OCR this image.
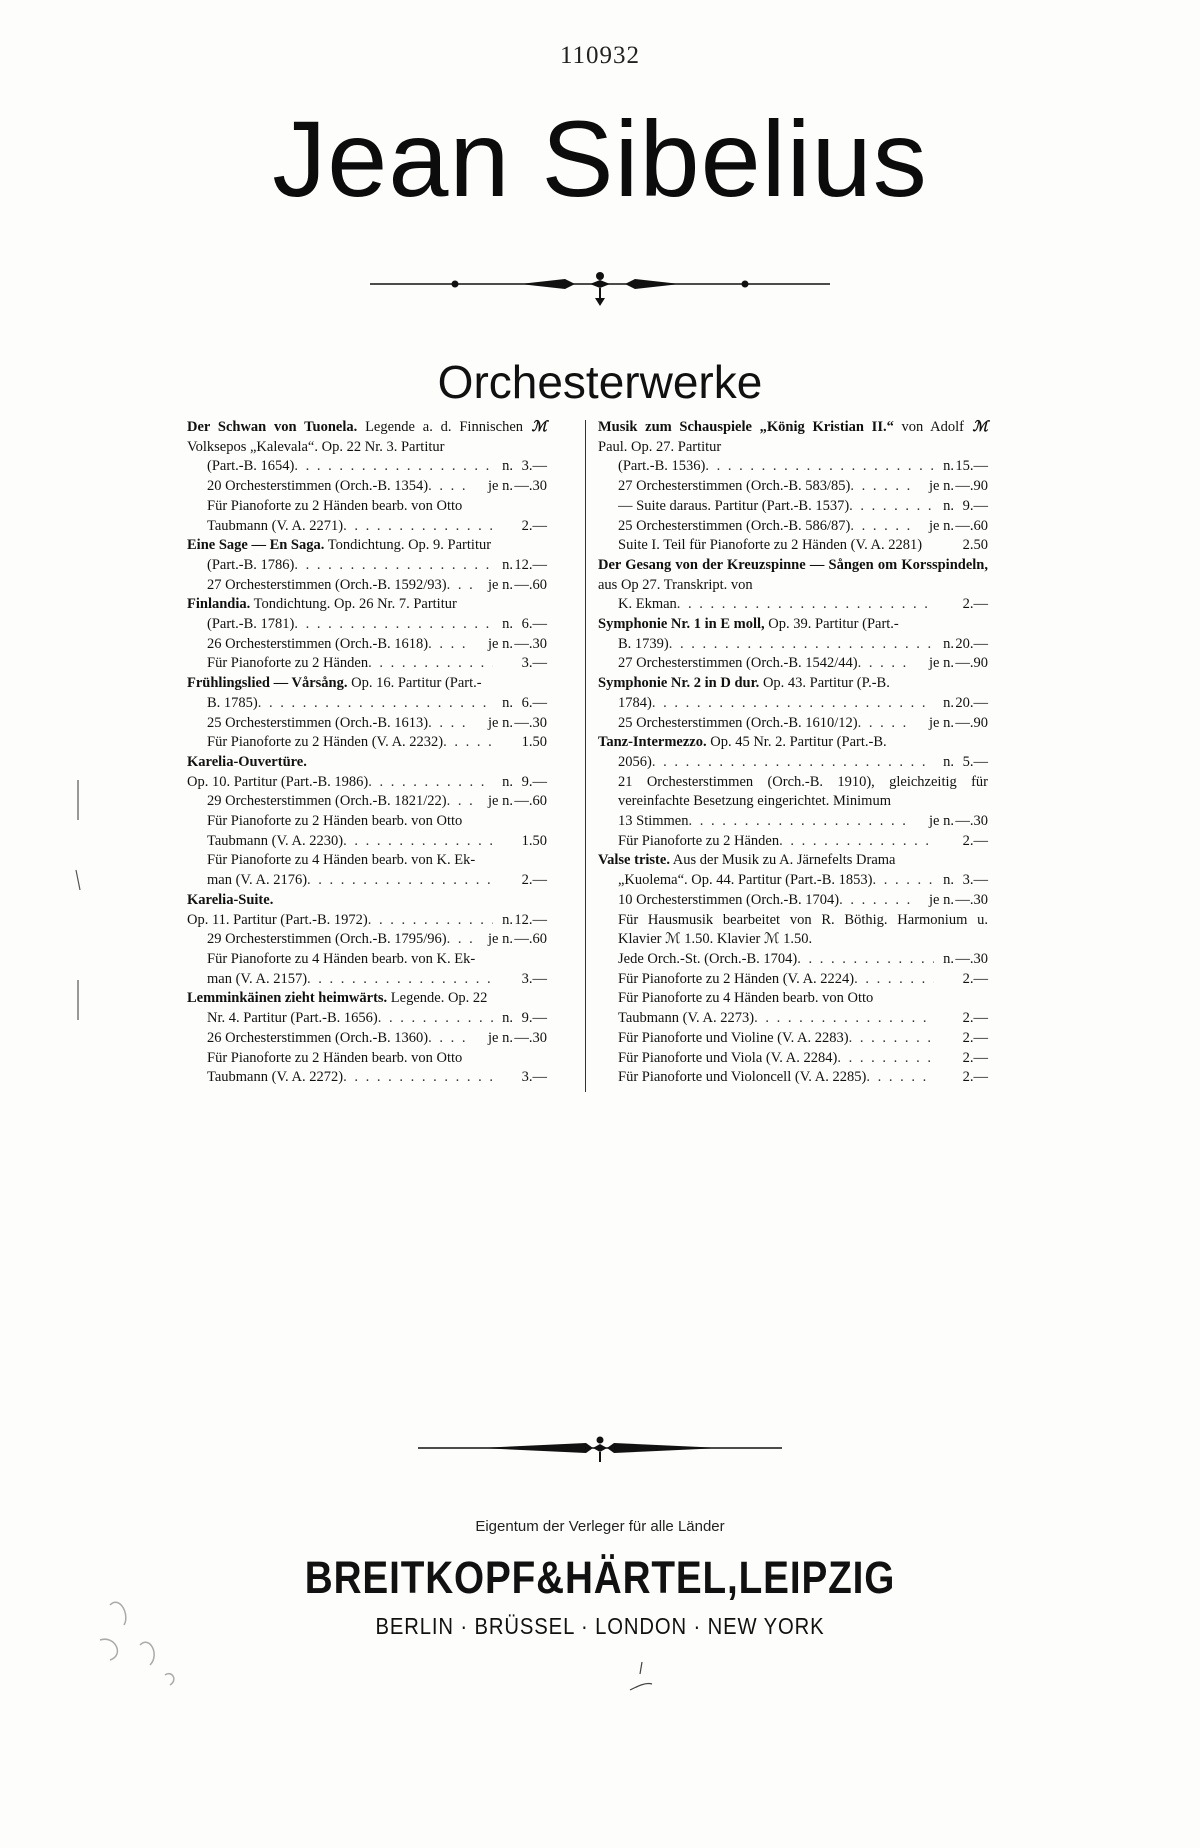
110932
Jean Sibelius
Orchesterwerke
Der Schwan von Tuonela. Legende a. d. Finnischen Volksepos „Kalevala“. Op. 22 Nr. 3. Partitur
ℳ
(Part.-B. 1654) . . .	n. 3.—
20 Orchesterstimmen (Orch.-B. 1354) . . .	je n. —.30
Für Pianoforte zu 2 Händen bearb. von Otto
Taubmann (V. A. 2271) . . .	2.—
Eine Sage — En Saga. Tondichtung. Op. 9. Partitur
(Part.-B. 1786) . . .	n. 12.—
27 Orchesterstimmen (Orch.-B. 1592/93) . . .	je n. —.60
Finlandia. Tondichtung. Op. 26 Nr. 7. Partitur
(Part.-B. 1781) . . .	n. 6.—
26 Orchesterstimmen (Orch.-B. 1618) . . .	je n. —.30
Für Pianoforte zu 2 Händen . . .	3.—
Frühlingslied — Vårsång. Op. 16. Partitur (Part.-
B. 1785) . . .	n. 6.—
25 Orchesterstimmen (Orch.-B. 1613) . . .	je n. —.30
Für Pianoforte zu 2 Händen (V. A. 2232) . . .	1.50
Karelia-Ouvertüre.
Op. 10. Partitur (Part.-B. 1986) . . .	n. 9.—
29 Orchesterstimmen (Orch.-B. 1821/22) . . .	je n. —.60
Für Pianoforte zu 2 Händen bearb. von Otto
Taubmann (V. A. 2230) . . .	1.50
Für Pianoforte zu 4 Händen bearb. von K. Ek-
man (V. A. 2176) . . .	2.—
Karelia-Suite.
Op. 11. Partitur (Part.-B. 1972) . . .	n. 12.—
29 Orchesterstimmen (Orch.-B. 1795/96) . . .	je n. —.60
Für Pianoforte zu 4 Händen bearb. von K. Ek-
man (V. A. 2157) . . .	3.—
Lemminkäinen zieht heimwärts. Legende. Op. 22
Nr. 4. Partitur (Part.-B. 1656) . . .	n. 9.—
26 Orchesterstimmen (Orch.-B. 1360) . . .	je n. —.30
Für Pianoforte zu 2 Händen bearb. von Otto
Taubmann (V. A. 2272) . . .	3.—
Musik zum Schauspiele „König Kristian II.“ von Adolf Paul. Op. 27. Partitur
ℳ
(Part.-B. 1536) . . .	n. 15.—
27 Orchesterstimmen (Orch.-B. 583/85) . . .	je n. —.90
— Suite daraus. Partitur (Part.-B. 1537) . . .	n. 9.—
25 Orchesterstimmen (Orch.-B. 586/87) . . .	je n. —.60
Suite I. Teil für Pianoforte zu 2 Händen (V. A. 2281)	2.50
Der Gesang von der Kreuzspinne — Sången om Korsspindeln, aus Op 27. Transkript. von
K. Ekman . . .	2.—
Symphonie Nr. 1 in E moll, Op. 39. Partitur (Part.-
B. 1739) . . .	n. 20.—
27 Orchesterstimmen (Orch.-B. 1542/44) . . .	je n. —.90
Symphonie Nr. 2 in D dur. Op. 43. Partitur (P.-B.
1784) . . .	n. 20.—
25 Orchesterstimmen (Orch.-B. 1610/12) . . .	je n. —.90
Tanz-Intermezzo. Op. 45 Nr. 2. Partitur (Part.-B.
2056) . . .	n. 5.—
21 Orchesterstimmen (Orch.-B. 1910), gleichzeitig für vereinfachte Besetzung eingerichtet. Minimum
13 Stimmen . . .	je n. —.30
Für Pianoforte zu 2 Händen . . .	2.—
Valse triste. Aus der Musik zu A. Järnefelts Drama
„Kuolema“. Op. 44. Partitur (Part.-B. 1853) . . .	n. 3.—
10 Orchesterstimmen (Orch.-B. 1704) . . .	je n. —.30
Für Hausmusik bearbeitet von R. Böthig. Harmonium u. Klavier ℳ 1.50. Klavier ℳ 1.50.
Jede Orch.-St. (Orch.-B. 1704) . . .	n. —.30
Für Pianoforte zu 2 Händen (V. A. 2224) . . .	2.—
Für Pianoforte zu 4 Händen bearb. von Otto
Taubmann (V. A. 2273) . . .	2.—
Für Pianoforte und Violine (V. A. 2283) . . .	2.—
Für Pianoforte und Viola (V. A. 2284) . . .	2.—
Für Pianoforte und Violoncell (V. A. 2285) . . .	2.—
Eigentum der Verleger für alle Länder
BREITKOPF&HÄRTEL,LEIPZIG
BERLIN · BRÜSSEL · LONDON · NEW YORK
